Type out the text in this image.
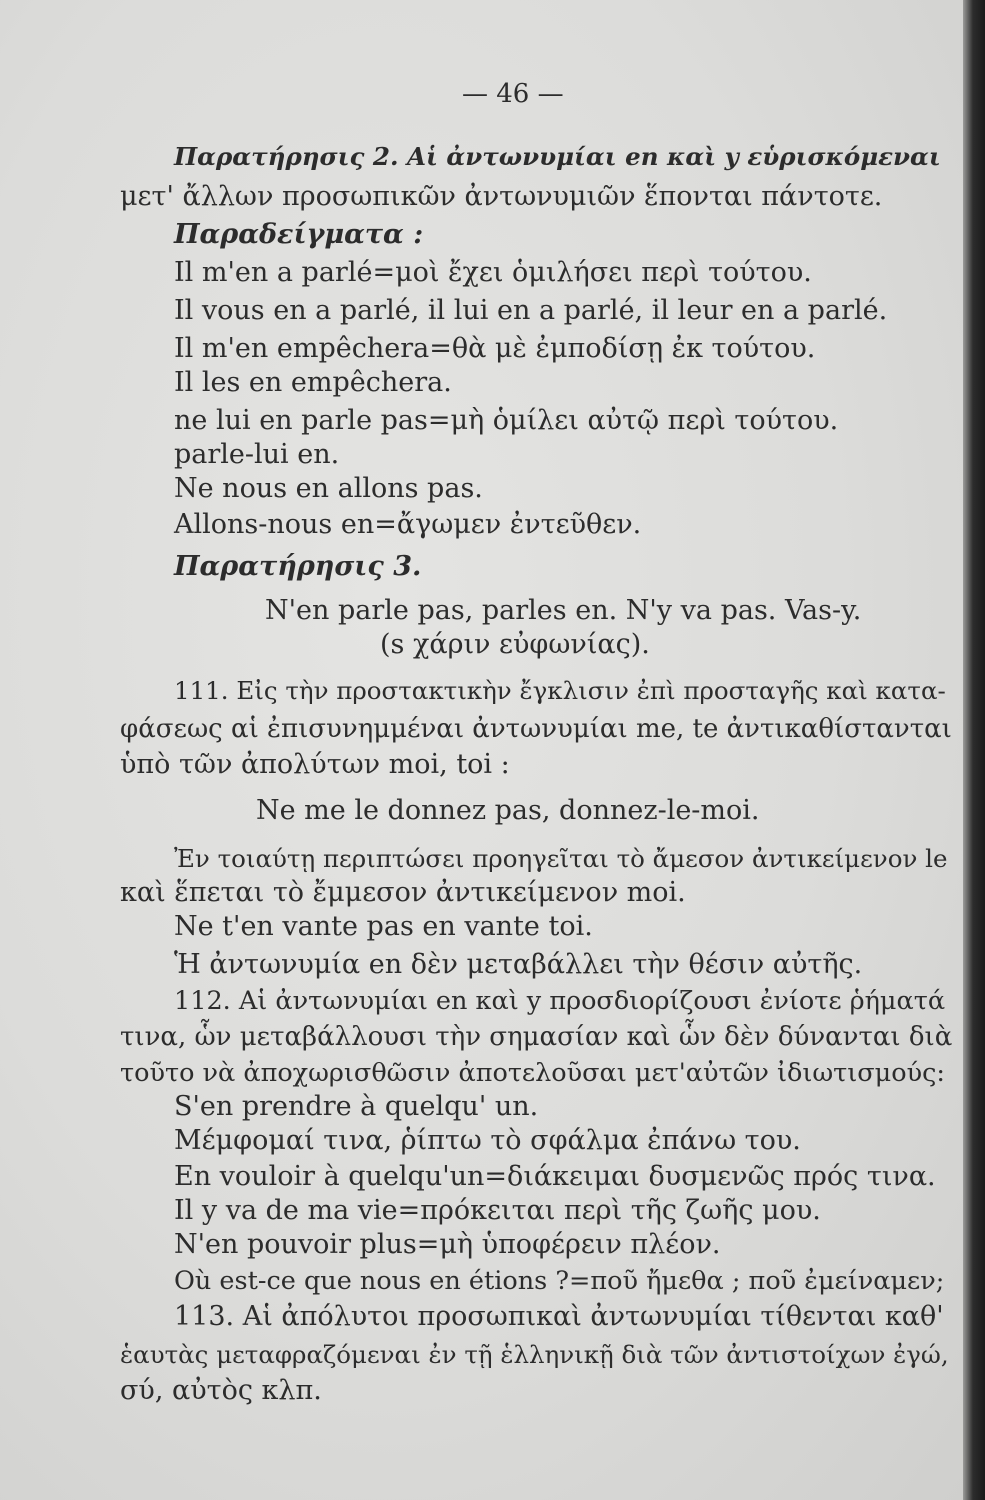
— 46 —
Παρατήρησις 2. Αἱ ἀντωνυμίαι en καὶ y εὑρισκόμεναι
μετ' ἄλλων προσωπικῶν ἀντωνυμιῶν ἕπονται πάντοτε.
Παραδείγματα :
Il m'en a parlé=μοὶ ἔχει ὁμιλήσει περὶ τούτου.
Il vous en a parlé, il lui en a parlé, il leur en a parlé.
Il m'en empêchera=θὰ μὲ ἐμποδίσῃ ἐκ τούτου.
Il les en empêchera.
ne lui en parle pas=μὴ ὁμίλει αὐτῷ περὶ τούτου.
parle-lui en.
Ne nous en allons pas.
Allons-nous en=ἄγωμεν ἐντεῦθεν.
Παρατήρησις 3.
N'en parle pas, parles en. N'y va pas. Vas-y.
(s χάριν εὐφωνίας).
111. Εἰς τὴν προστακτικὴν ἔγκλισιν ἐπὶ προσταγῆς καὶ κατα-
φάσεως αἱ ἐπισυνημμέναι ἀντωνυμίαι me, te ἀντικαθίστανται
ὑπὸ τῶν ἀπολύτων moi, toi :
Ne me le donnez pas, donnez-le-moi.
Ἐν τοιαύτῃ περιπτώσει προηγεῖται τὸ ἄμεσον ἀντικείμενον le
καὶ ἕπεται τὸ ἔμμεσον ἀντικείμενον moi.
Ne t'en vante pas en vante toi.
Ἡ ἀντωνυμία en δὲν μεταβάλλει τὴν θέσιν αὐτῆς.
112. Αἱ ἀντωνυμίαι en καὶ y προσδιορίζουσι ἐνίοτε ῥήματά
τινα, ὧν μεταβάλλουσι τὴν σημασίαν καὶ ὧν δὲν δύνανται διὰ
τοῦτο νὰ ἀποχωρισθῶσιν ἀποτελοῦσαι μετ'αὐτῶν ἰδιωτισμούς:
S'en prendre à quelqu' un.
Μέμφομαί τινα, ῥίπτω τὸ σφάλμα ἐπάνω του.
En vouloir à quelqu'un=διάκειμαι δυσμενῶς πρός τινα.
Il y va de ma vie=πρόκειται περὶ τῆς ζωῆς μου.
N'en pouvoir plus=μὴ ὑποφέρειν πλέον.
Où est-ce que nous en étions ?=ποῦ ἤμεθα ; ποῦ ἐμείναμεν;
113. Αἱ ἀπόλυτοι προσωπικαὶ ἀντωνυμίαι τίθενται καθ'
ἑαυτὰς μεταφραζόμεναι ἐν τῇ ἑλληνικῇ διὰ τῶν ἀντιστοίχων ἐγώ,
σύ, αὐτὸς κλπ.
